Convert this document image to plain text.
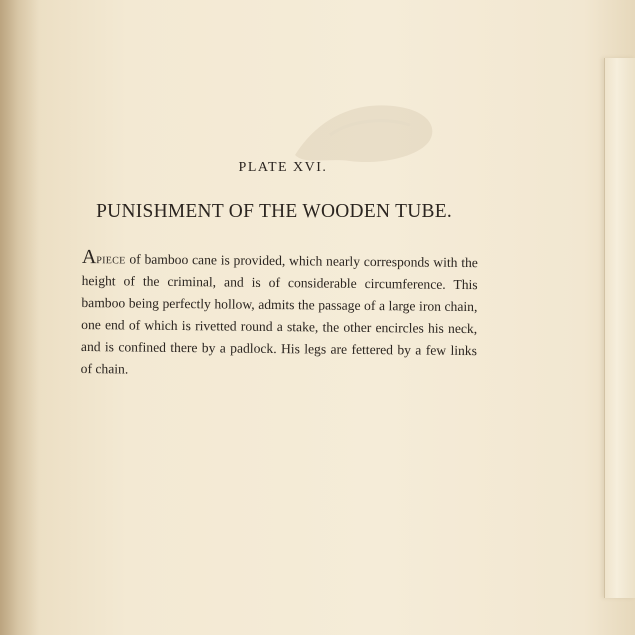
PLATE XVI.
PUNISHMENT OF THE WOODEN TUBE.
Apiece of bamboo cane is provided, which nearly corresponds with the height of the criminal, and is of considerable circumference. This bamboo being perfectly hollow, admits the passage of a large iron chain, one end of which is rivetted round a stake, the other encircles his neck, and is confined there by a padlock. His legs are fettered by a few links of chain.
